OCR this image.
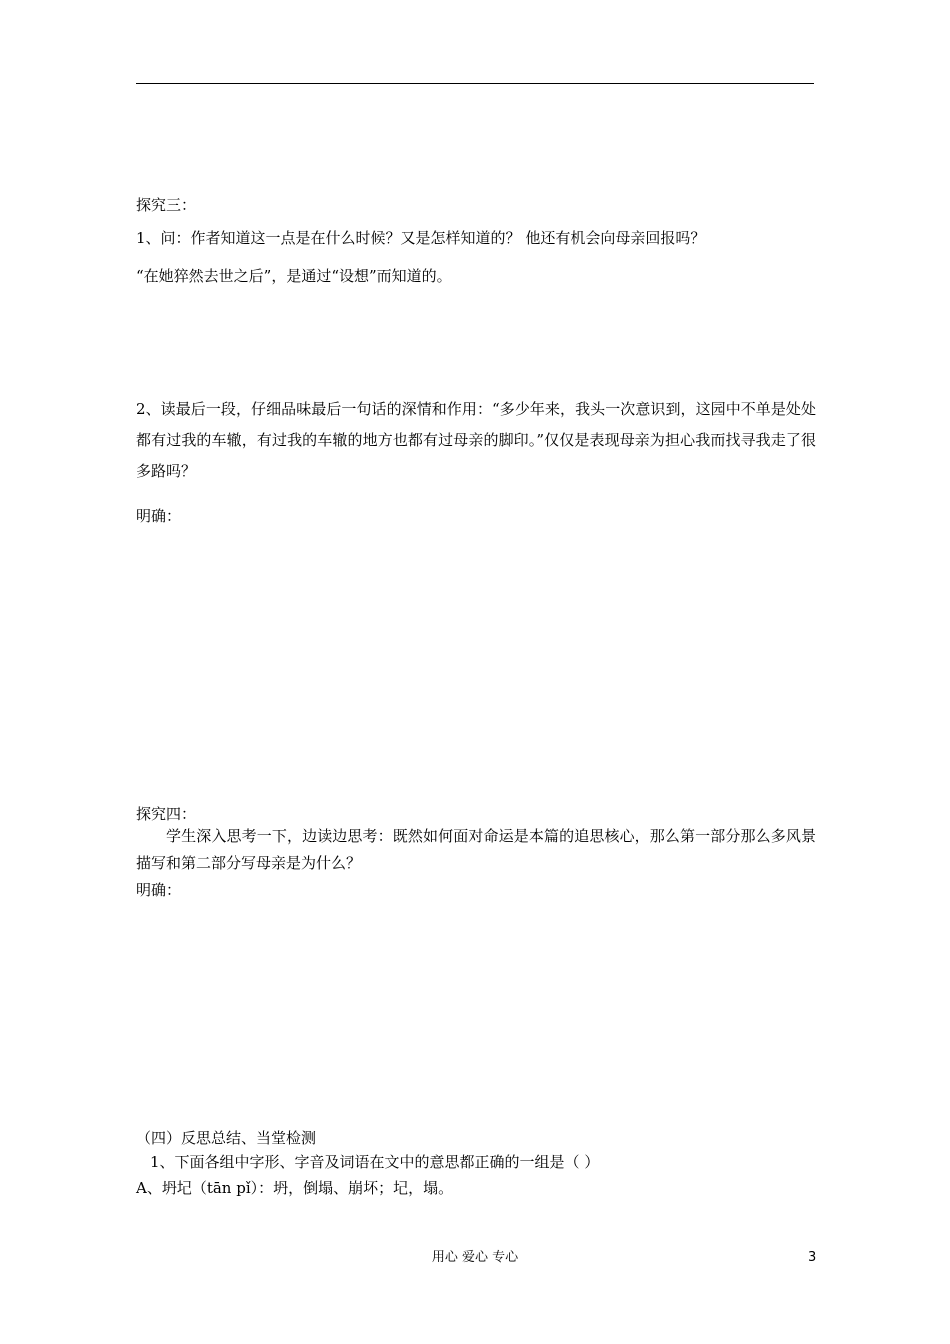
探究三：
1、问：作者知道这一点是在什么时候？又是怎样知道的？ 他还有机会向母亲回报吗？
“在她猝然去世之后”，是通过“设想”而知道的。
2、读最后一段，仔细品味最后一句话的深情和作用：“多少年来，我头一次意识到，这园中不单是处处都有过我的车辙，有过我的车辙的地方也都有过母亲的脚印。”仅仅是表现母亲为担心我而找寻我走了很多路吗？
明确：
探究四：
学生深入思考一下，边读边思考：既然如何面对命运是本篇的追思核心，那么第一部分那么多风景描写和第二部分写母亲是为什么？
明确：
（四）反思总结、当堂检测
1、下面各组中字形、字音及词语在文中的意思都正确的一组是（ ）
A、坍圮（tān pǐ）：坍，倒塌、崩坏；圮，塌。
用心 爱心 专心	3
